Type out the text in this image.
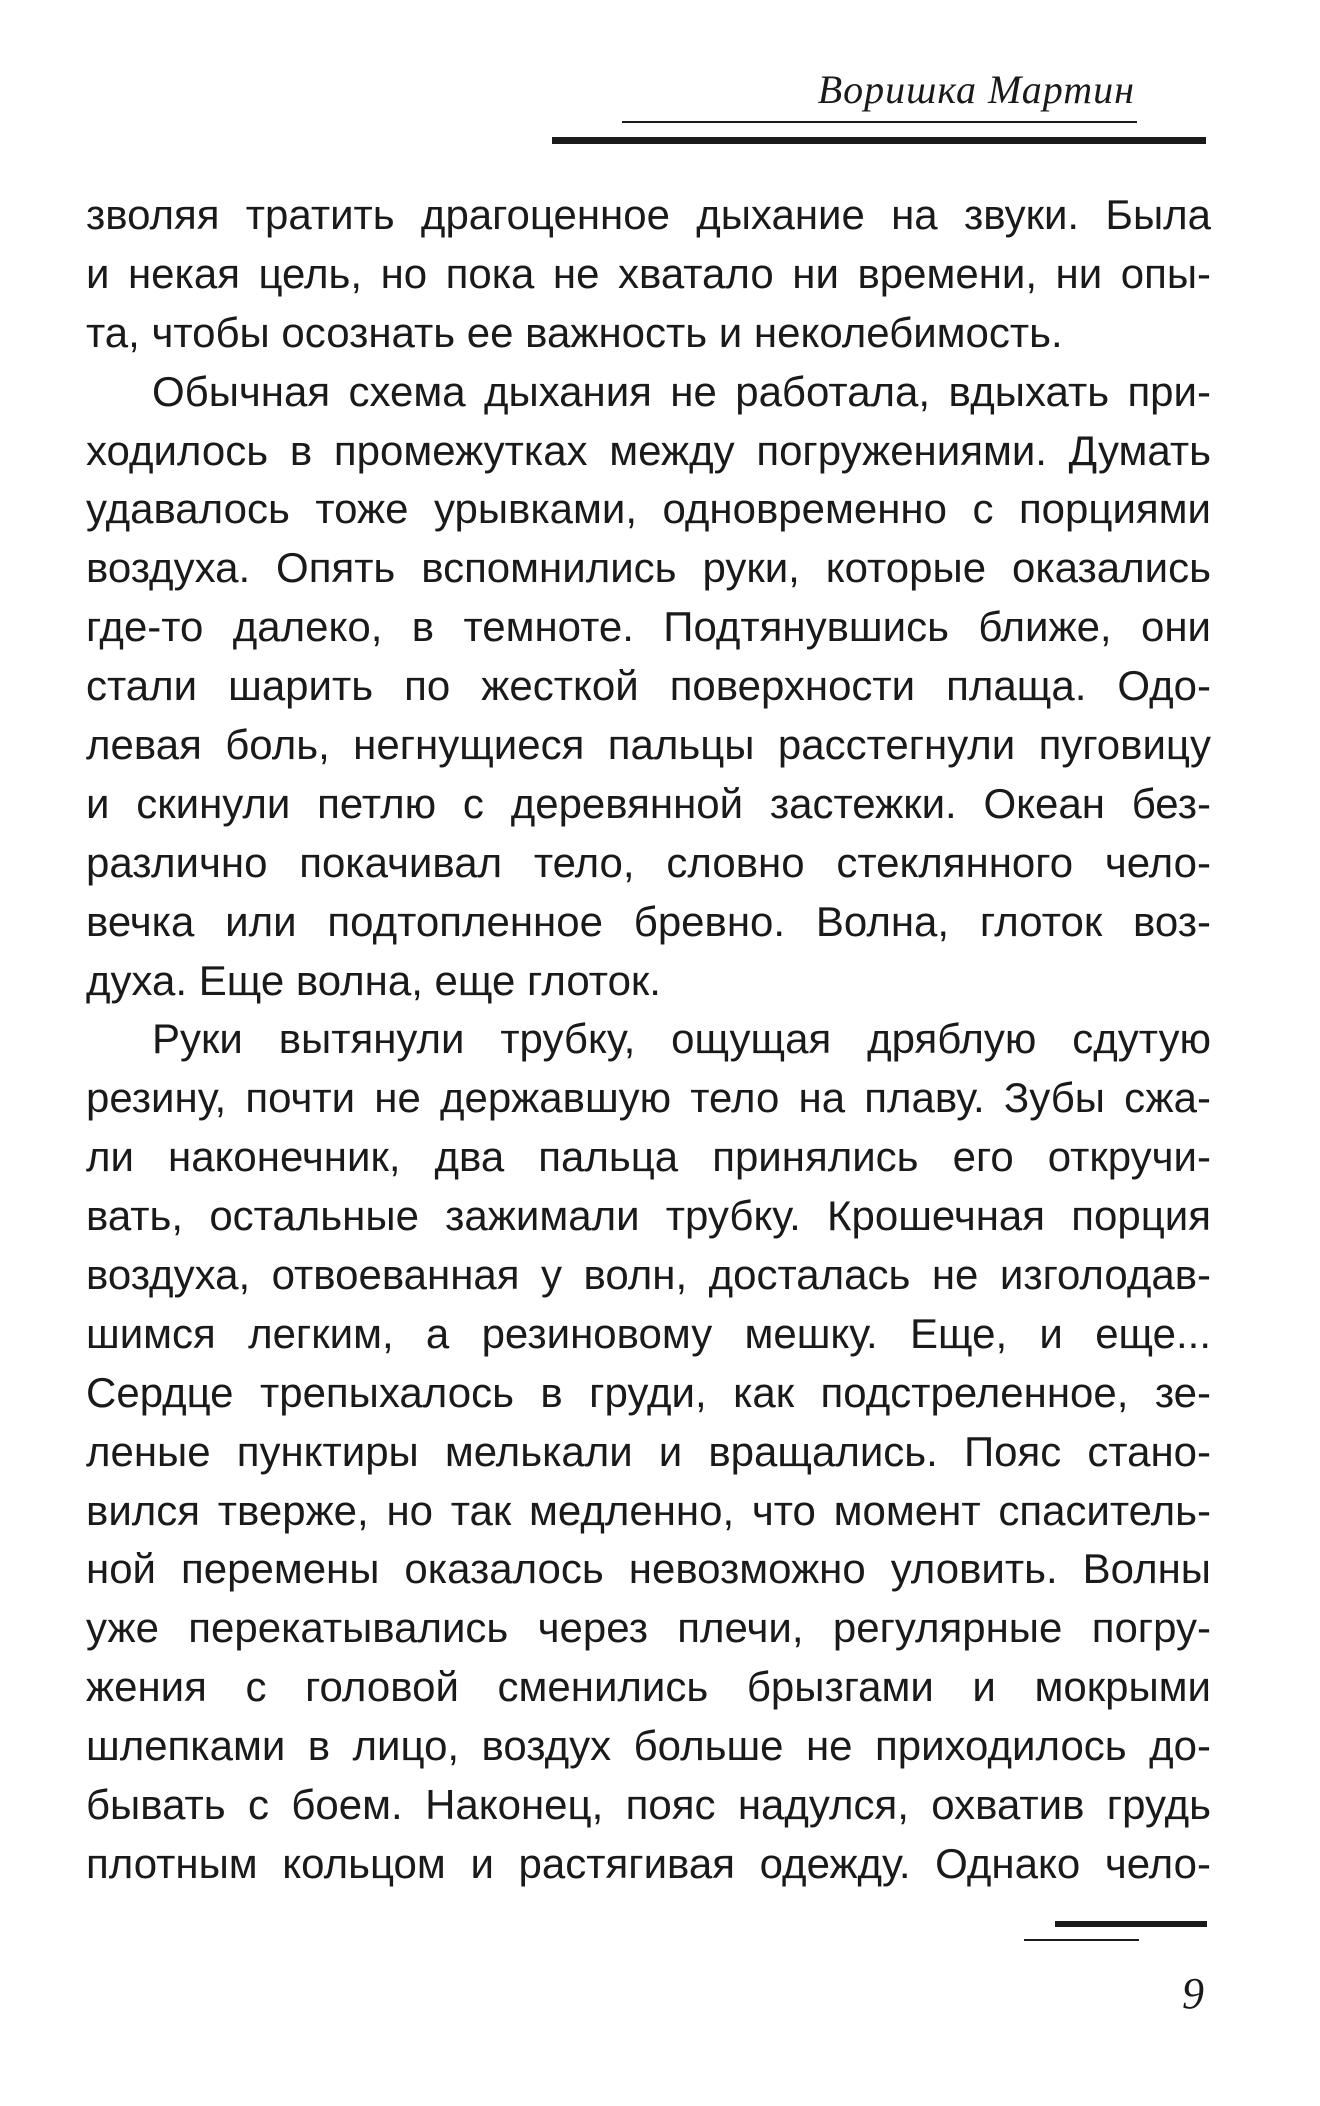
Воришка Мартин
зволяя тратить драгоценное дыхание на звуки. Была
и некая цель, но пока не хватало ни времени, ни опы-
та, чтобы осознать ее важность и неколебимость.
Обычная схема дыхания не работала, вдыхать при-
ходилось в промежутках между погружениями. Думать
удавалось тоже урывками, одновременно с порциями
воздуха. Опять вспомнились руки, которые оказались
где-то далеко, в темноте. Подтянувшись ближе, они
стали шарить по жесткой поверхности плаща. Одо-
левая боль, негнущиеся пальцы расстегнули пуговицу
и скинули петлю с деревянной застежки. Океан без-
различно покачивал тело, словно стеклянного чело-
вечка или подтопленное бревно. Волна, глоток воз-
духа. Еще волна, еще глоток.
Руки вытянули трубку, ощущая дряблую сдутую
резину, почти не державшую тело на плаву. Зубы сжа-
ли наконечник, два пальца принялись его откручи-
вать, остальные зажимали трубку. Крошечная порция
воздуха, отвоеванная у волн, досталась не изголодав-
шимся легким, а резиновому мешку. Еще, и еще...
Сердце трепыхалось в груди, как подстреленное, зе-
леные пунктиры мелькали и вращались. Пояс стано-
вился тверже, но так медленно, что момент спаситель-
ной перемены оказалось невозможно уловить. Волны
уже перекатывались через плечи, регулярные погру-
жения с головой сменились брызгами и мокрыми
шлепками в лицо, воздух больше не приходилось до-
бывать с боем. Наконец, пояс надулся, охватив грудь
плотным кольцом и растягивая одежду. Однако чело-
9
